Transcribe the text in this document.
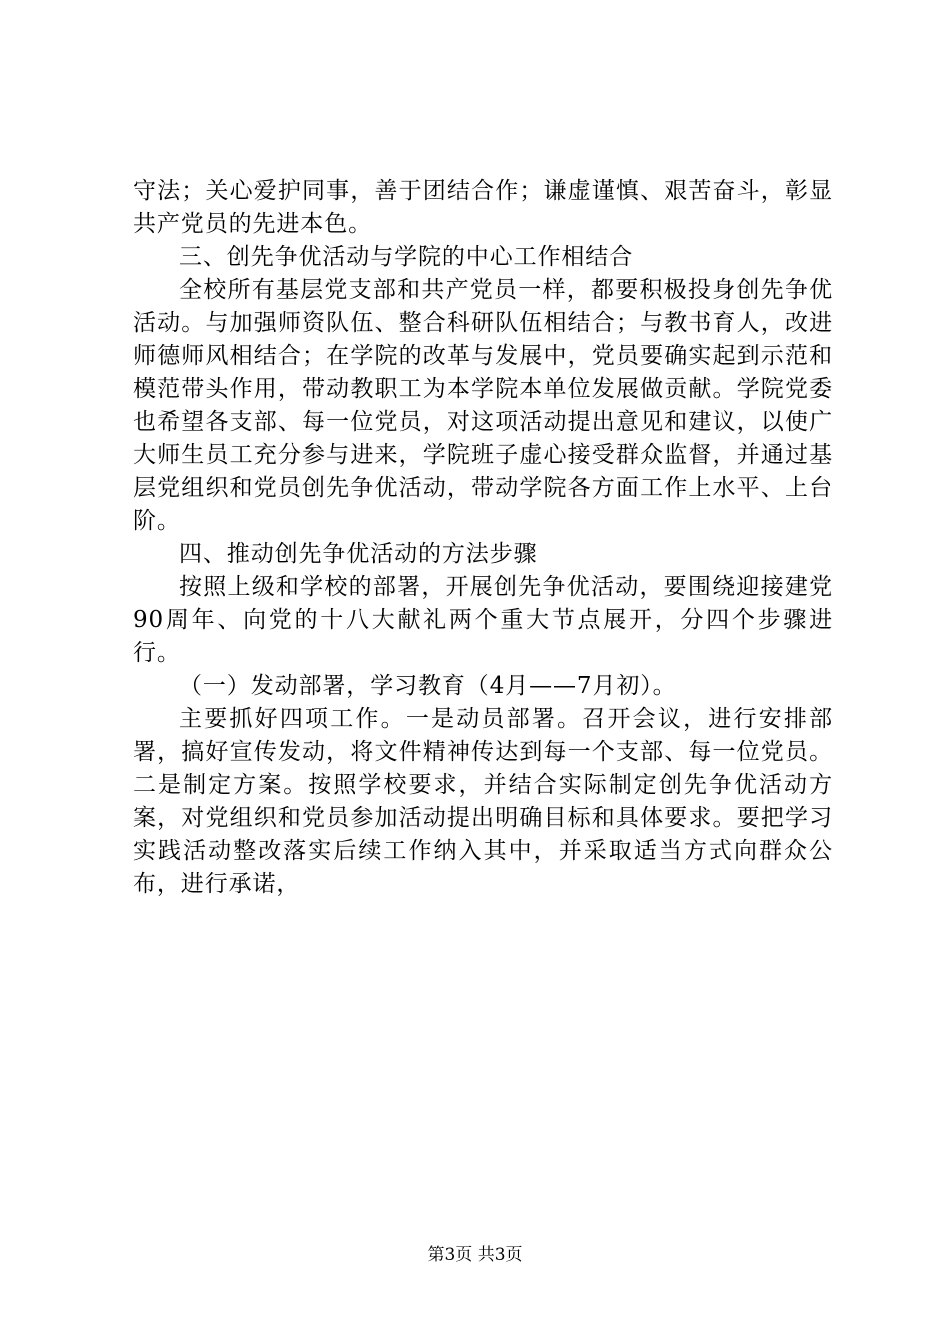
守法；关心爱护同事，善于团结合作；谦虚谨慎、艰苦奋斗，彰显共产党员的先进本色。

三、创先争优活动与学院的中心工作相结合

全校所有基层党支部和共产党员一样，都要积极投身创先争优活动。与加强师资队伍、整合科研队伍相结合；与教书育人，改进师德师风相结合；在学院的改革与发展中，党员要确实起到示范和模范带头作用，带动教职工为本学院本单位发展做贡献。学院党委也希望各支部、每一位党员，对这项活动提出意见和建议，以使广大师生员工充分参与进来，学院班子虚心接受群众监督，并通过基层党组织和党员创先争优活动，带动学院各方面工作上水平、上台阶。

四、推动创先争优活动的方法步骤

按照上级和学校的部署，开展创先争优活动，要围绕迎接建党90周年、向党的十八大献礼两个重大节点展开，分四个步骤进行。

（一）发动部署，学习教育（4月——7月初）。

主要抓好四项工作。一是动员部署。召开会议，进行安排部署，搞好宣传发动，将文件精神传达到每一个支部、每一位党员。二是制定方案。按照学校要求，并结合实际制定创先争优活动方案，对党组织和党员参加活动提出明确目标和具体要求。要把学习实践活动整改落实后续工作纳入其中，并采取适当方式向群众公布，进行承诺，

第3页 共3页
